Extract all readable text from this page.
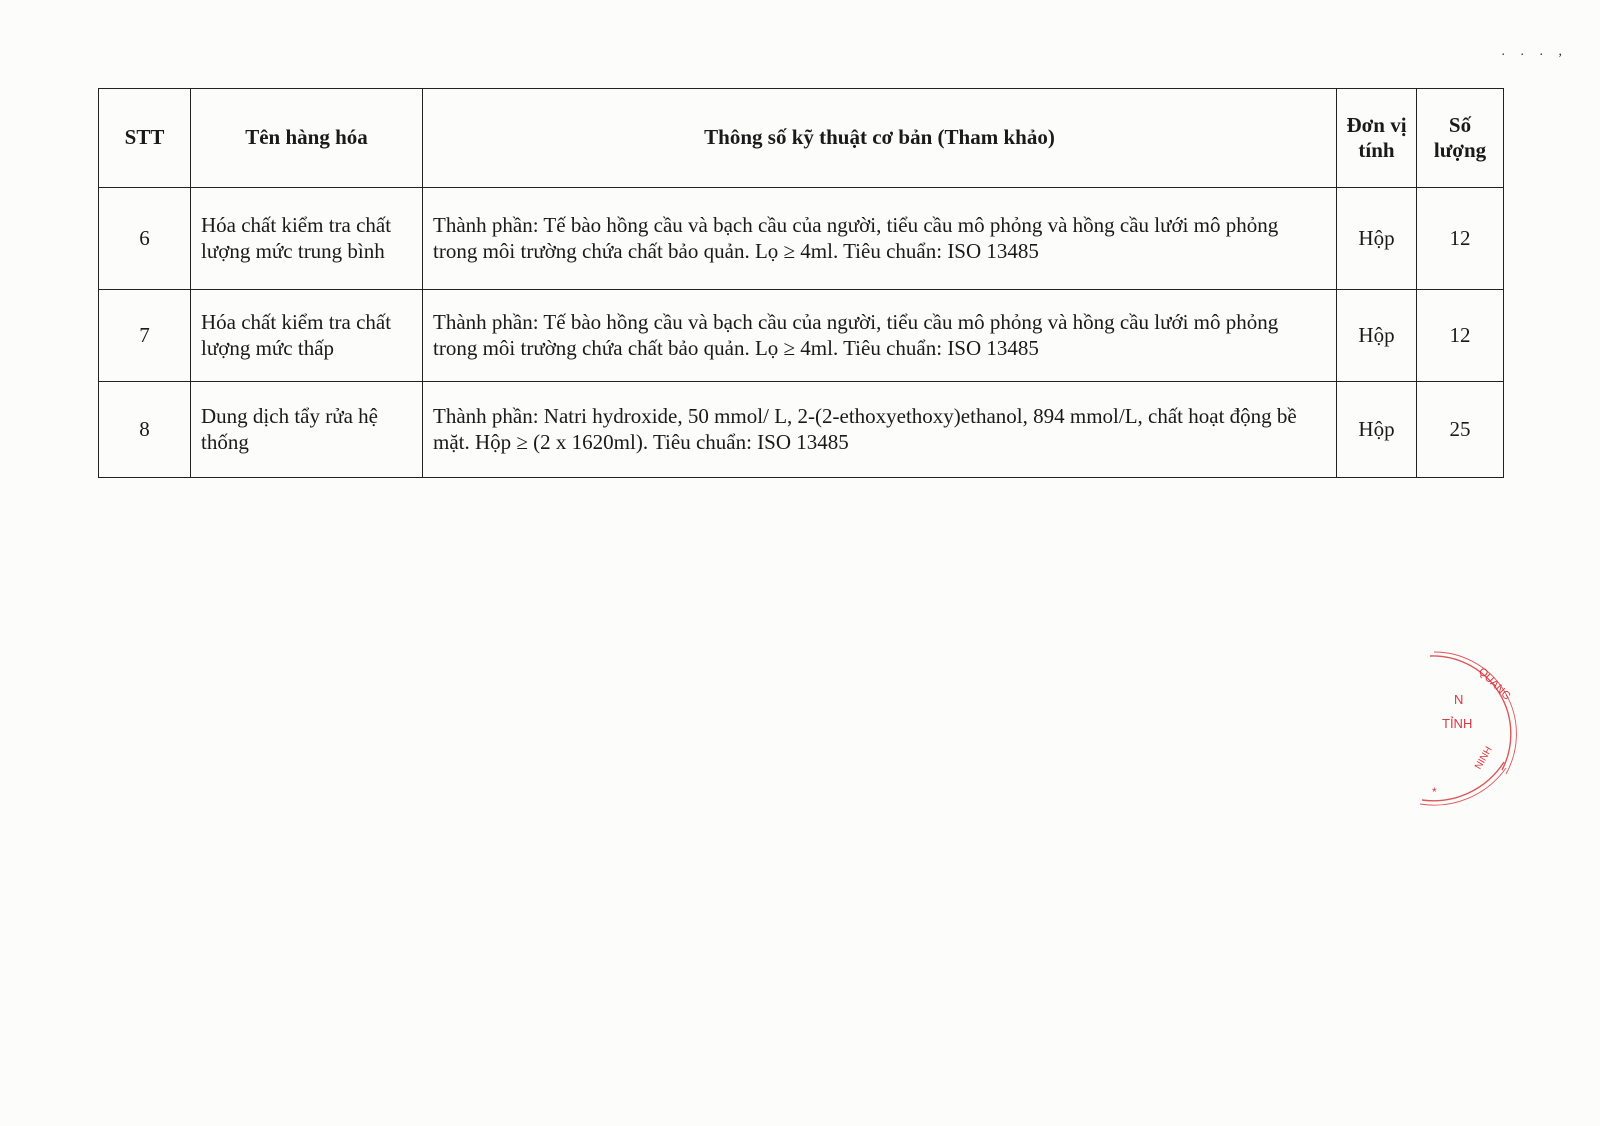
. . . ,
STT	Tên hàng hóa	Thông số kỹ thuật cơ bản (Tham khảo)	Đơn vị tính	Số lượng
6	Hóa chất kiểm tra chất lượng mức trung bình	Thành phần: Tế bào hồng cầu và bạch cầu của người, tiểu cầu mô phỏng và hồng cầu lưới mô phỏng trong môi trường chứa chất bảo quản. Lọ ≥ 4ml. Tiêu chuẩn: ISO 13485	Hộp	12
7	Hóa chất kiểm tra chất lượng mức thấp	Thành phần: Tế bào hồng cầu và bạch cầu của người, tiểu cầu mô phỏng và hồng cầu lưới mô phỏng trong môi trường chứa chất bảo quản. Lọ ≥ 4ml. Tiêu chuẩn: ISO 13485	Hộp	12
8	Dung dịch tẩy rửa hệ thống	Thành phần: Natri hydroxide, 50 mmol/ L, 2-(2-ethoxyethoxy)ethanol, 894 mmol/L, chất hoạt động bề mặt. Hộp ≥ (2 x 1620ml). Tiêu chuẩn: ISO 13485	Hộp	25
QUANG
N
TỈNH
NINH
*
